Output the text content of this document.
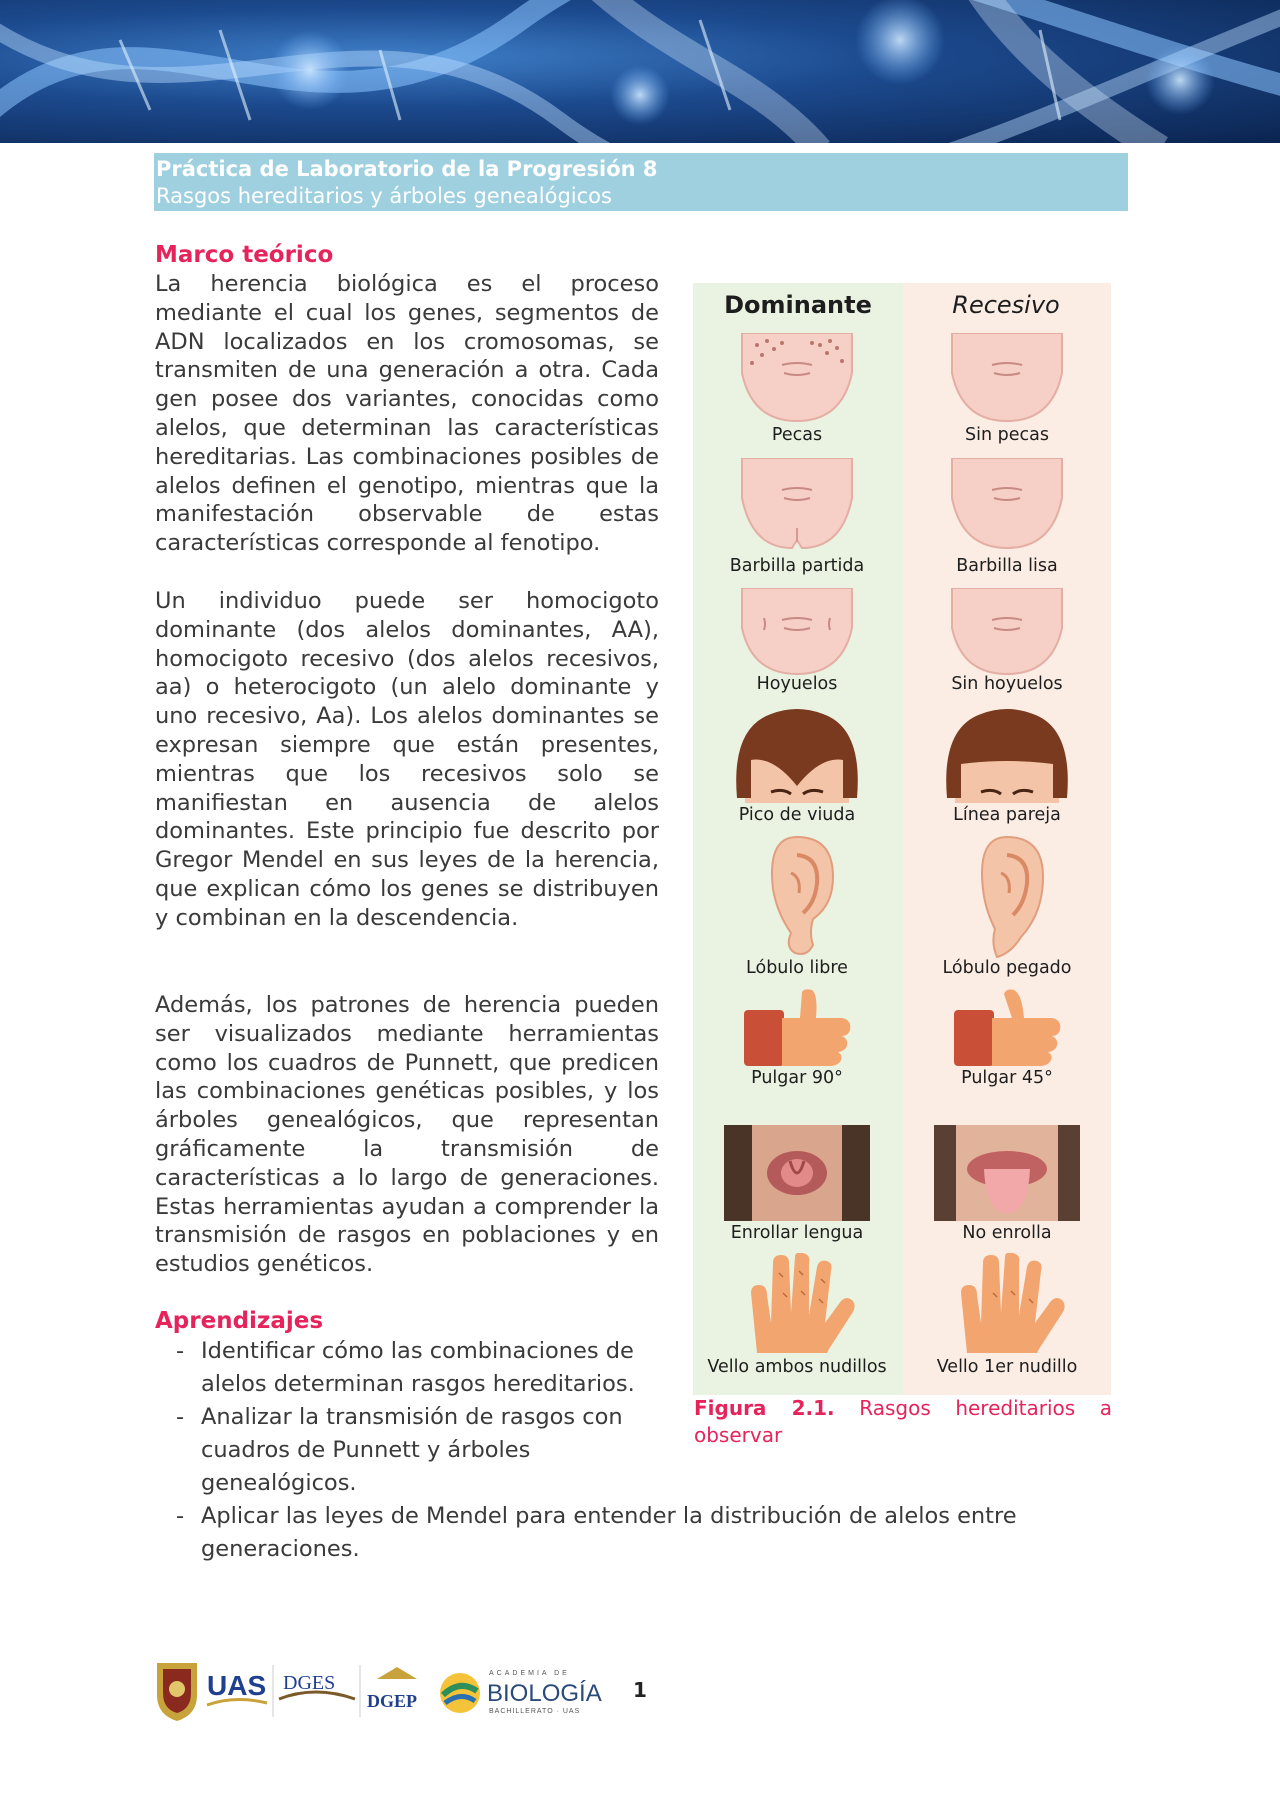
Práctica de Laboratorio de la Progresión 8
Rasgos hereditarios y árboles genealógicos
Marco teórico

La herencia biológica es el proceso mediante el cual los genes, segmentos de ADN localizados en los cromosomas, se transmiten de una generación a otra. Cada gen posee dos variantes, conocidas como alelos, que determinan las características hereditarias. Las combinaciones posibles de alelos definen el genotipo, mientras que la manifestación observable de estas características corresponde al fenotipo.

Un individuo puede ser homocigoto dominante (dos alelos dominantes, AA), homocigoto recesivo (dos alelos recesivos, aa) o heterocigoto (un alelo dominante y uno recesivo, Aa). Los alelos dominantes se expresan siempre que están presentes, mientras que los recesivos solo se manifiestan en ausencia de alelos dominantes. Este principio fue descrito por Gregor Mendel en sus leyes de la herencia, que explican cómo los genes se distribuyen y combinan en la descendencia.

Además, los patrones de herencia pueden ser visualizados mediante herramientas como los cuadros de Punnett, que predicen las combinaciones genéticas posibles, y los árboles genealógicos, que representan gráficamente la transmisión de características a lo largo de generaciones. Estas herramientas ayudan a comprender la transmisión de rasgos en poblaciones y en estudios genéticos.

Aprendizajes
- Identificar cómo las combinaciones de alelos determinan rasgos hereditarios.
- Analizar la transmisión de rasgos con cuadros de Punnett y árboles genealógicos.
- Aplicar las leyes de Mendel para entender la distribución de alelos entre generaciones.
Dominante	Recesivo
Pecas	Sin pecas
Barbilla partida	Barbilla lisa
Hoyuelos	Sin hoyuelos
Pico de viuda	Línea pareja
Lóbulo libre	Lóbulo pegado
Pulgar 90°	Pulgar 45°
Enrollar lengua	No enrolla
Vello ambos nudillos	Vello 1er nudillo
Figura 2.1. Rasgos hereditarios a observar
UAS DGES
DGEP
ACADEMIA DE
BIOLOGÍA
BACHILLERATO · UAS
1
